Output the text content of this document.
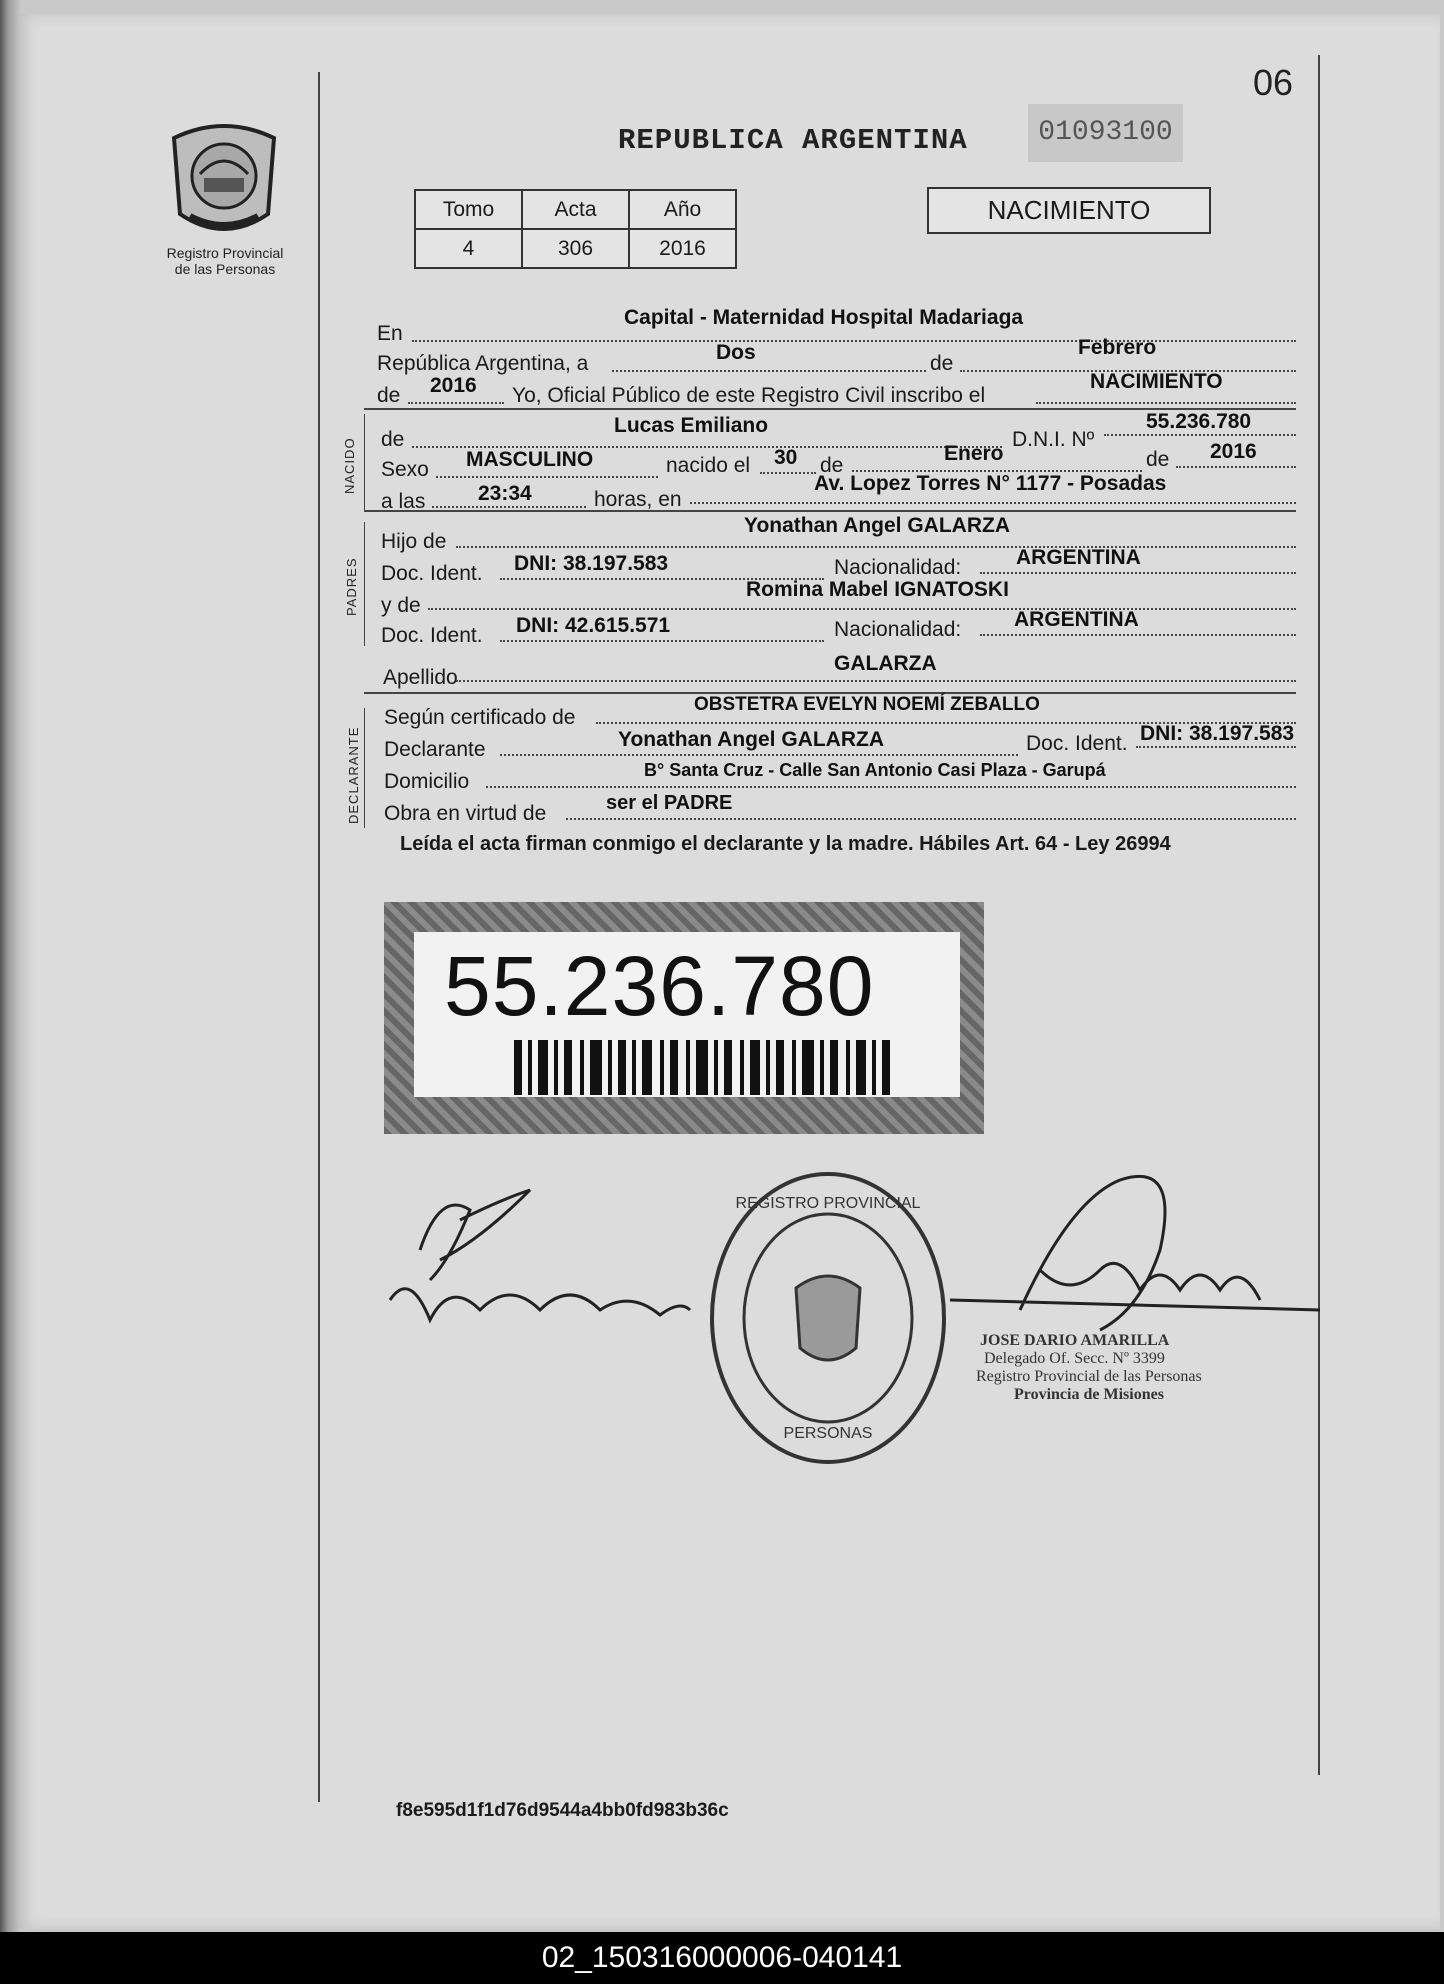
06
Registro Provincial
de las Personas
REPUBLICA ARGENTINA	01093100
Tomo	Acta	Año
4	306	2016
NACIMIENTO
En
Capital - Maternidad Hospital Madariaga
República Argentina, a	Dos	de
Febrero
de 2016 Yo, Oficial Público de este Registro Civil inscribo el
NACIMIENTO
NACIDO de
Lucas Emiliano
D.N.I. Nº
55.236.780
Sexo MASCULINO	nacido el 30 de
Enero	de 2016
a las	23:34	horas, en
Av. Lopez Torres N° 1177 - Posadas
PADRES
Hijo de
Yonathan Angel GALARZA
Doc. Ident. DNI: 38.197.583	Nacionalidad:	ARGENTINA
y de
Romina Mabel IGNATOSKI
Doc. Ident. DNI: 42.615.571	Nacionalidad:	ARGENTINA
Apellido
GALARZA
DECLARANTE
Según certificado de
OBSTETRA EVELYN NOEMÍ ZEBALLO
Declarante	Yonathan Angel GALARZA	Doc. Ident. DNI: 38.197.583
Domicilio	B° Santa Cruz - Calle San Antonio Casi Plaza - Garupá
Obra en virtud de	ser el PADRE
Leída el acta firman conmigo el declarante y la madre. Hábiles Art. 64 - Ley 26994
55.236.780
REGISTRO PROVINCIAL
PERSONAS
JOSE DARIO AMARILLA
Delegado Of. Secc. Nº 3399
Registro Provincial de las Personas
Provincia de Misiones
f8e595d1f1d76d9544a4bb0fd983b36c
02_150316000006-040141
